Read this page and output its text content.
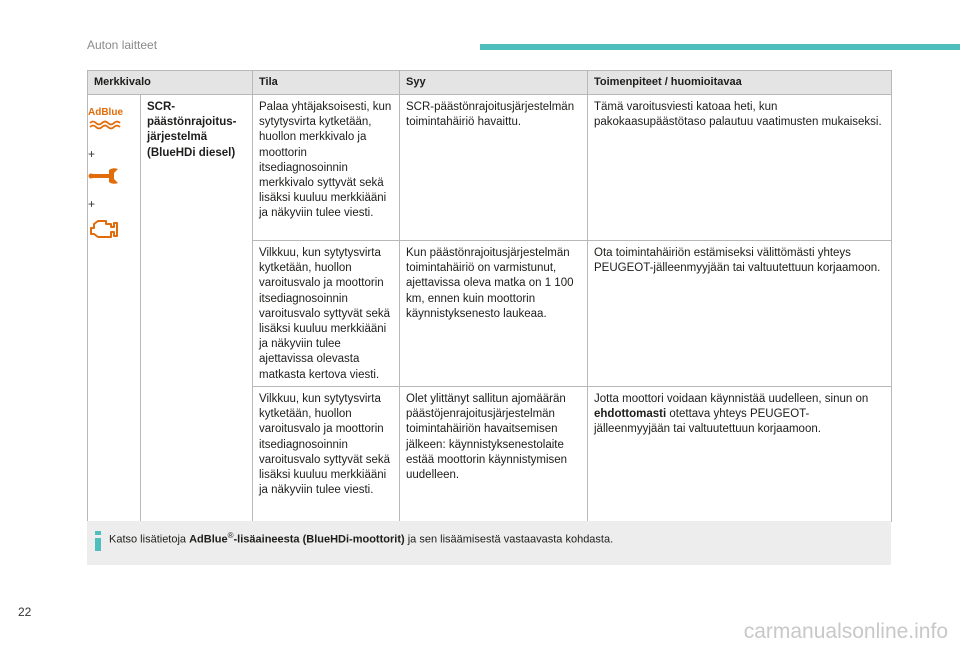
Auton laitteet
Merkkivalo		Tila	Syy	Toimenpiteet / huomioitavaa

AdBlue
+
+	SCR-päästönrajoitus-järjestelmä (BlueHDi diesel)	Palaa yhtäjaksoisesti, kun sytytysvirta kytketään, huollon merkkivalo ja moottorin itsediagnosoinnin merkkivalo syttyvät sekä lisäksi kuuluu merkkiääni ja näkyviin tulee viesti.	SCR-päästönrajoitusjärjestelmän toimintahäiriö havaittu.	Tämä varoitusviesti katoaa heti, kun pakokaasupäästötaso palautuu vaatimusten mukaiseksi.
		Vilkkuu, kun sytytysvirta kytketään, huollon varoitusvalo ja moottorin itsediagnosoinnin varoitusvalo syttyvät sekä lisäksi kuuluu merkkiääni ja näkyviin tulee ajettavissa olevasta matkasta kertova viesti.	Kun päästönrajoitusjärjestelmän toimintahäiriö on varmistunut, ajettavissa oleva matka on 1 100 km, ennen kuin moottorin käynnistyksenesto laukeaa.	Ota toimintahäiriön estämiseksi välittömästi yhteys PEUGEOT-jälleenmyyjään tai valtuutettuun korjaamoon.
		Vilkkuu, kun sytytysvirta kytketään, huollon varoitusvalo ja moottorin itsediagnosoinnin varoitusvalo syttyvät sekä lisäksi kuuluu merkkiääni ja näkyviin tulee viesti.	Olet ylittänyt sallitun ajomäärän päästöjenrajoitusjärjestelmän toimintahäiriön havaitsemisen jälkeen: käynnistyksenestolaite estää moottorin käynnistymisen uudelleen.	Jotta moottori voidaan käynnistää uudelleen, sinun on ehdottomasti otettava yhteys PEUGEOT-jälleenmyyjään tai valtuutettuun korjaamoon.
Katso lisätietoja AdBlue®-lisäaineesta (BlueHDi-moottorit) ja sen lisäämisestä vastaavasta kohdasta.
22
carmanualsonline.info
